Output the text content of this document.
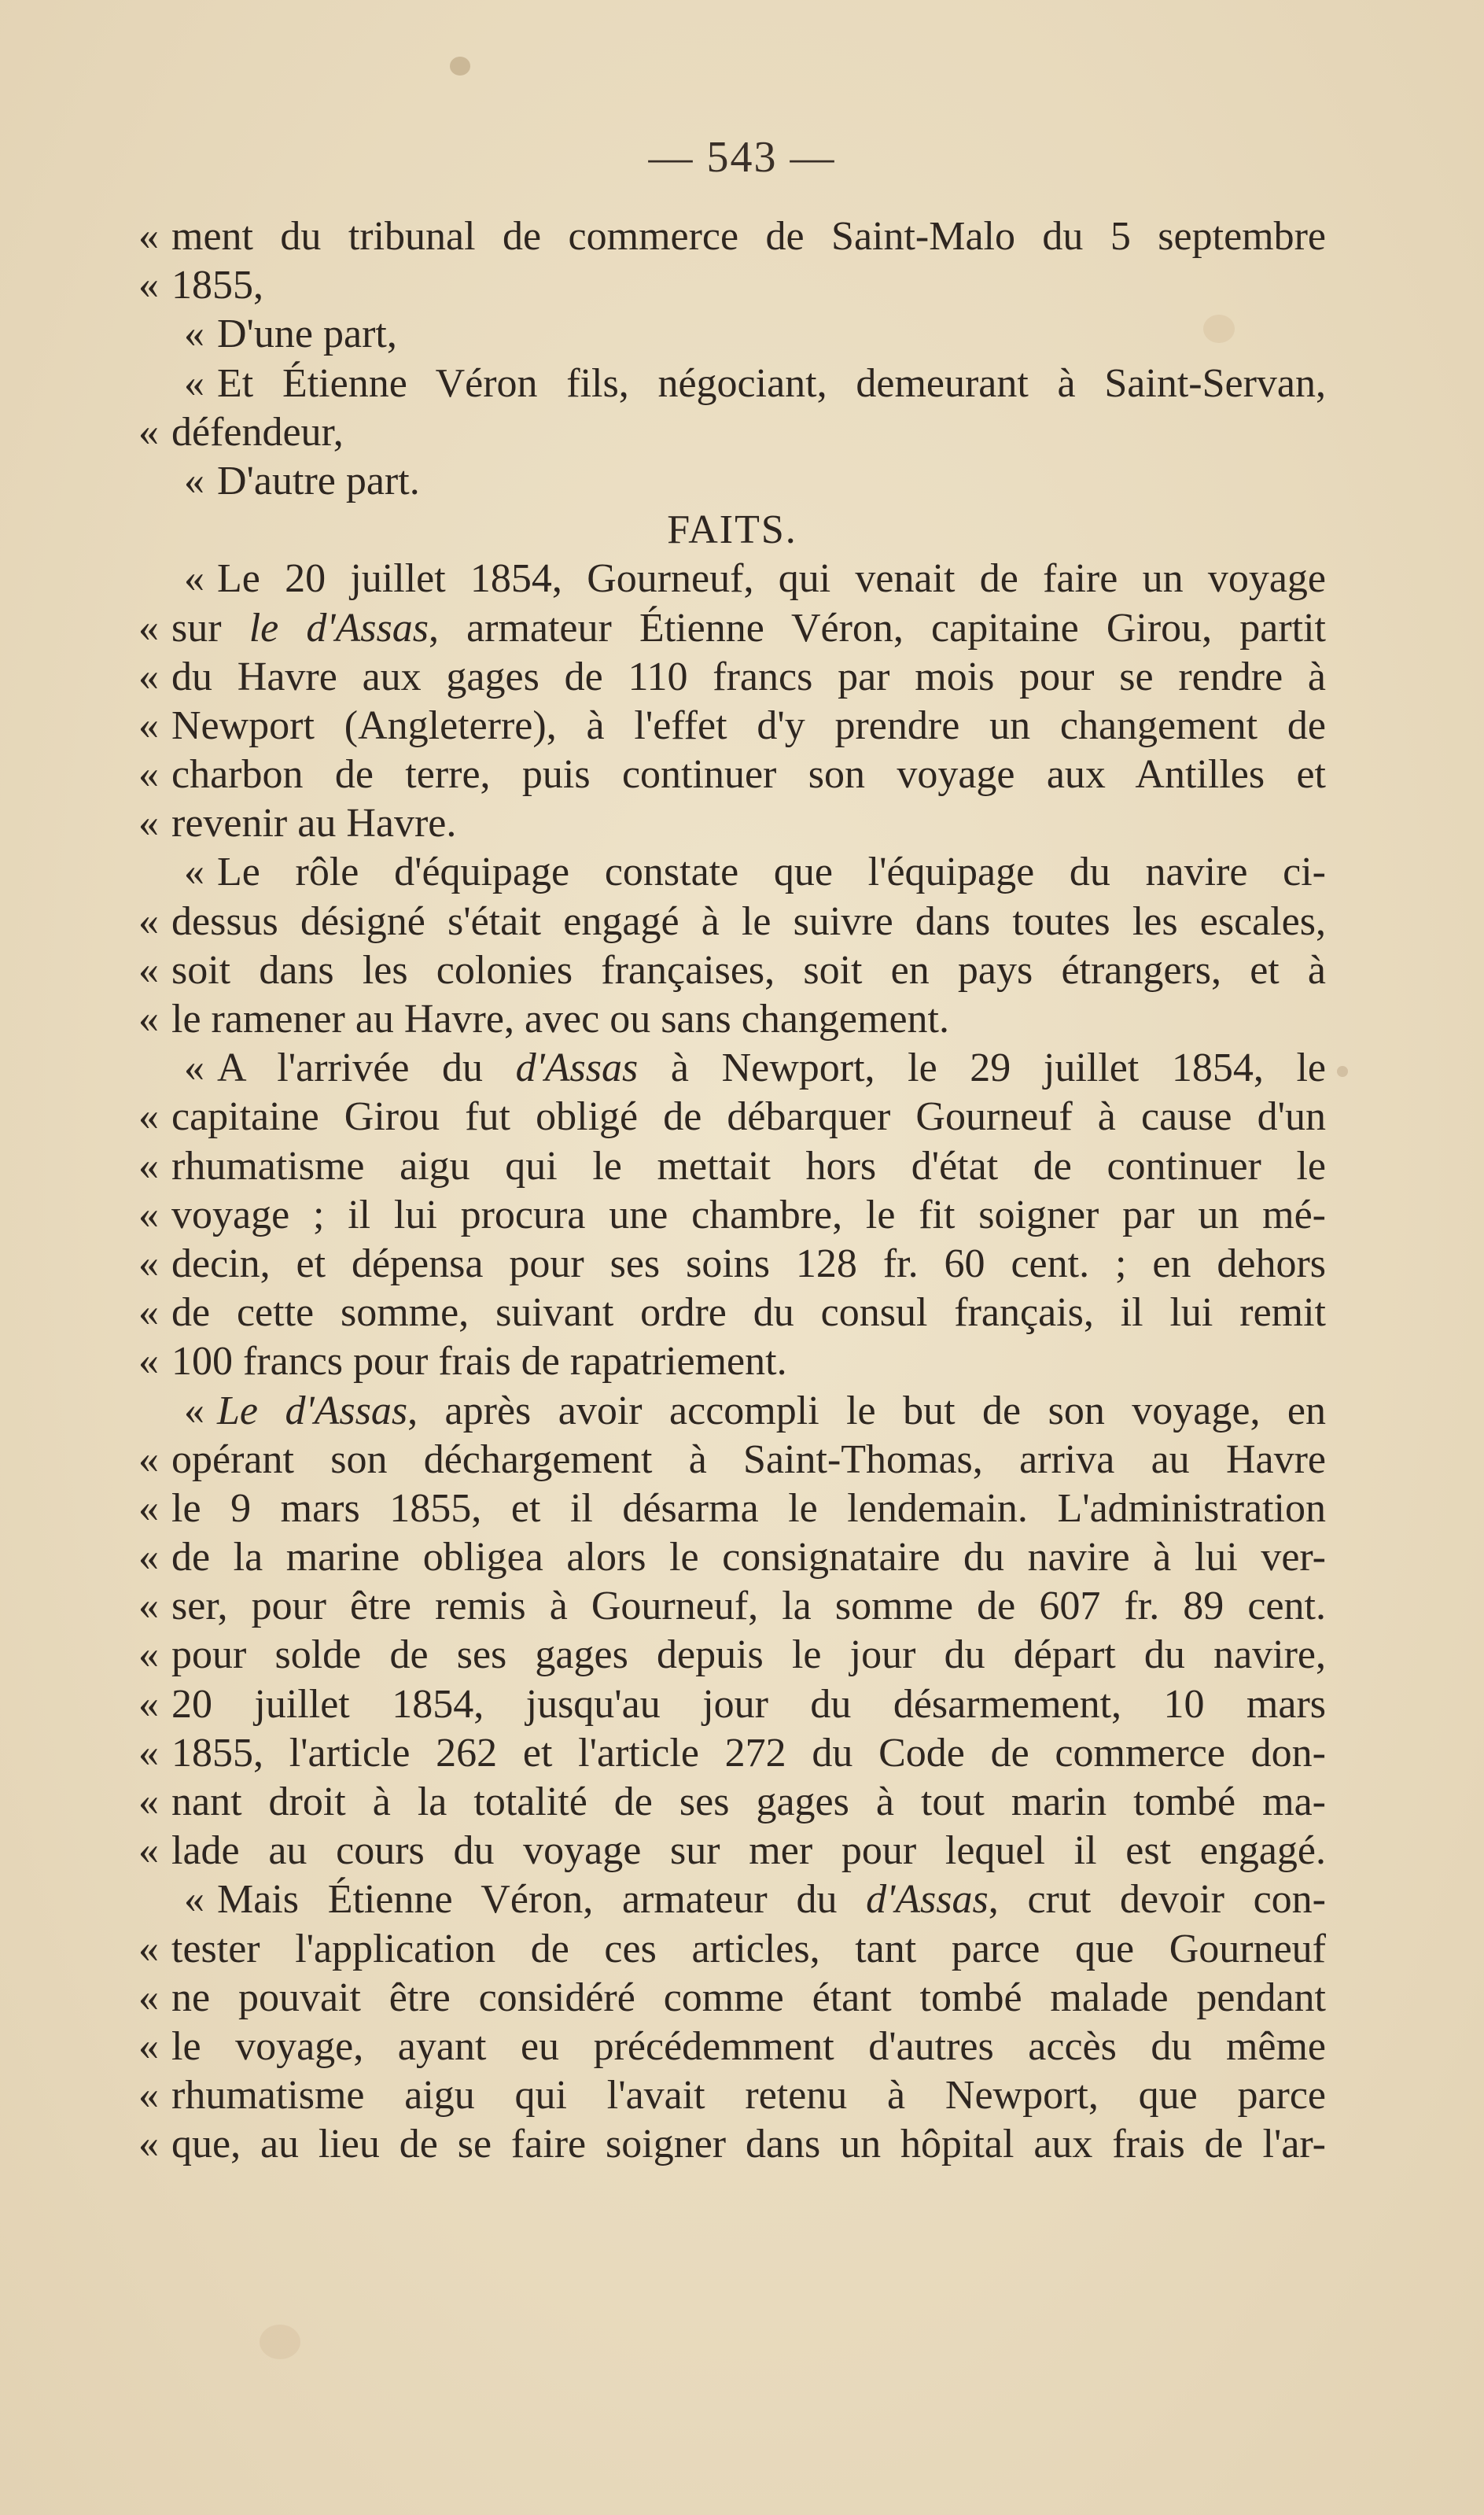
— 543 —
« ment du tribunal de commerce de Saint-Malo du 5 septembre
« 1855,
« D'une part,
« Et Étienne Véron fils, négociant, demeurant à Saint-Servan,
« défendeur,
« D'autre part.
FAITS.
« Le 20 juillet 1854, Gourneuf, qui venait de faire un voyage
« sur le d'Assas, armateur Étienne Véron, capitaine Girou, partit
« du Havre aux gages de 110 francs par mois pour se rendre à
« Newport (Angleterre), à l'effet d'y prendre un changement de
« charbon de terre, puis continuer son voyage aux Antilles et
« revenir au Havre.
« Le rôle d'équipage constate que l'équipage du navire ci-
« dessus désigné s'était engagé à le suivre dans toutes les escales,
« soit dans les colonies françaises, soit en pays étrangers, et à
« le ramener au Havre, avec ou sans changement.
« A l'arrivée du d'Assas à Newport, le 29 juillet 1854, le
« capitaine Girou fut obligé de débarquer Gourneuf à cause d'un
« rhumatisme aigu qui le mettait hors d'état de continuer le
« voyage ; il lui procura une chambre, le fit soigner par un mé-
« decin, et dépensa pour ses soins 128 fr. 60 cent. ; en dehors
« de cette somme, suivant ordre du consul français, il lui remit
« 100 francs pour frais de rapatriement.
« Le d'Assas, après avoir accompli le but de son voyage, en
« opérant son déchargement à Saint-Thomas, arriva au Havre
« le 9 mars 1855, et il désarma le lendemain. L'administration
« de la marine obligea alors le consignataire du navire à lui ver-
« ser, pour être remis à Gourneuf, la somme de 607 fr. 89 cent.
« pour solde de ses gages depuis le jour du départ du navire,
« 20 juillet 1854, jusqu'au jour du désarmement, 10 mars
« 1855, l'article 262 et l'article 272 du Code de commerce don-
« nant droit à la totalité de ses gages à tout marin tombé ma-
« lade au cours du voyage sur mer pour lequel il est engagé.
« Mais Étienne Véron, armateur du d'Assas, crut devoir con-
« tester l'application de ces articles, tant parce que Gourneuf
« ne pouvait être considéré comme étant tombé malade pendant
« le voyage, ayant eu précédemment d'autres accès du même
« rhumatisme aigu qui l'avait retenu à Newport, que parce
« que, au lieu de se faire soigner dans un hôpital aux frais de l'ar-
